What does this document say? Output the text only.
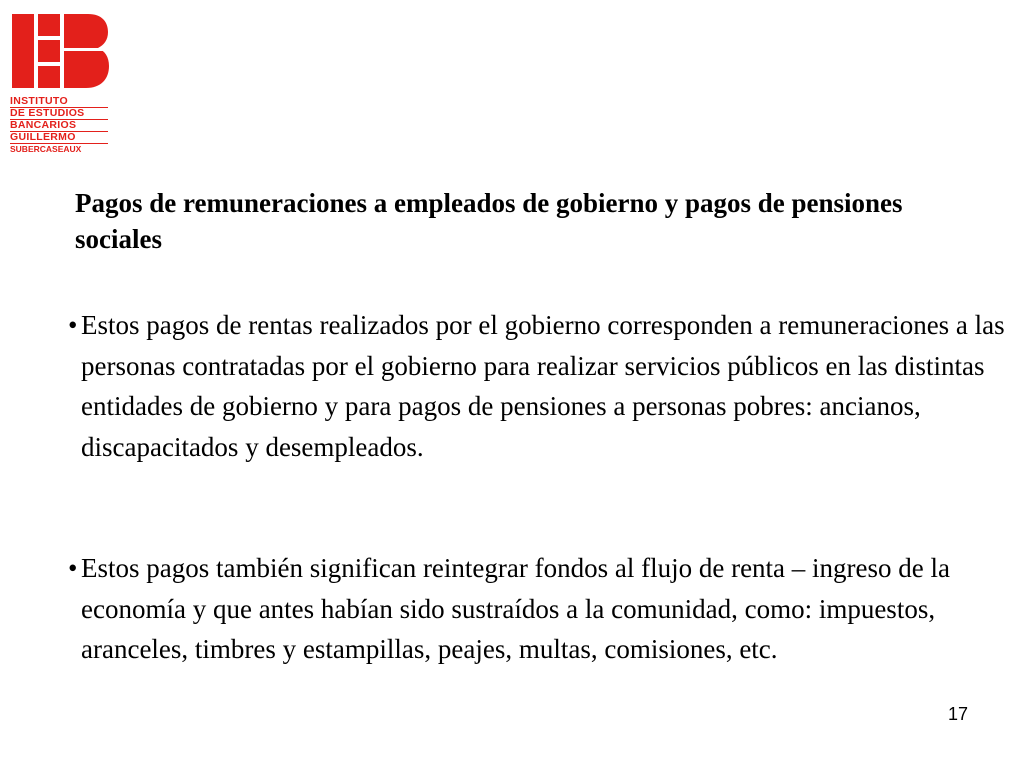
INSTITUTO
DE ESTUDIOS
BANCARIOS
GUILLERMO
SUBERCASEAUX
Pagos de remuneraciones a empleados de gobierno y pagos de pensiones sociales

• Estos pagos de rentas realizados por el gobierno corresponden a remuneraciones a las personas contratadas por el gobierno para realizar servicios públicos en las distintas entidades de gobierno y para pagos de pensiones a personas pobres: ancianos, discapacitados y desempleados.

• Estos pagos también significan reintegrar fondos al flujo de renta – ingreso de la economía y que antes habían sido sustraídos a la comunidad, como: impuestos, aranceles, timbres y estampillas, peajes, multas, comisiones, etc.

17
